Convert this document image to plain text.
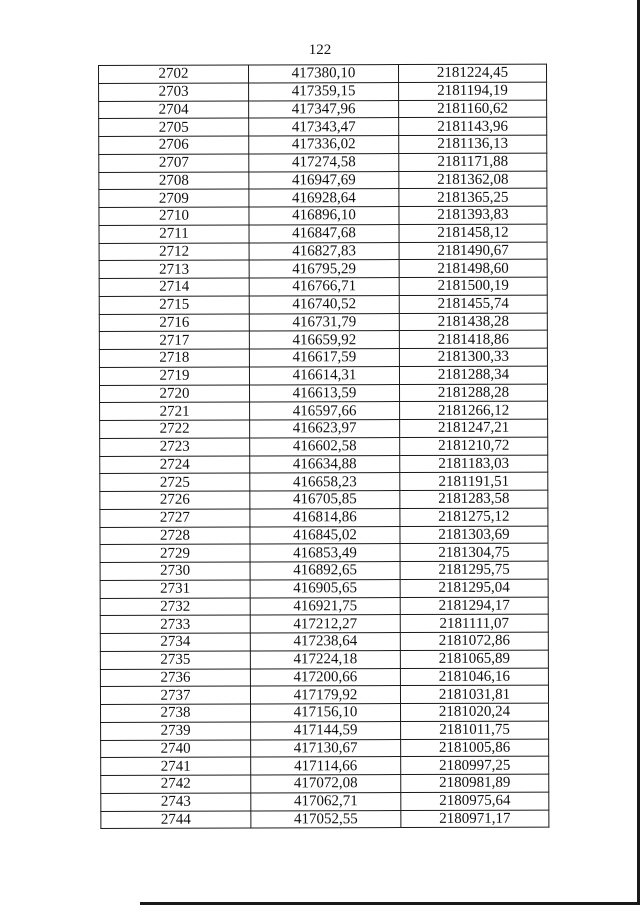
122
2702	417380,10	2181224,45
2703	417359,15	2181194,19
2704	417347,96	2181160,62
2705	417343,47	2181143,96
2706	417336,02	2181136,13
2707	417274,58	2181171,88
2708	416947,69	2181362,08
2709	416928,64	2181365,25
2710	416896,10	2181393,83
2711	416847,68	2181458,12
2712	416827,83	2181490,67
2713	416795,29	2181498,60
2714	416766,71	2181500,19
2715	416740,52	2181455,74
2716	416731,79	2181438,28
2717	416659,92	2181418,86
2718	416617,59	2181300,33
2719	416614,31	2181288,34
2720	416613,59	2181288,28
2721	416597,66	2181266,12
2722	416623,97	2181247,21
2723	416602,58	2181210,72
2724	416634,88	2181183,03
2725	416658,23	2181191,51
2726	416705,85	2181283,58
2727	416814,86	2181275,12
2728	416845,02	2181303,69
2729	416853,49	2181304,75
2730	416892,65	2181295,75
2731	416905,65	2181295,04
2732	416921,75	2181294,17
2733	417212,27	2181111,07
2734	417238,64	2181072,86
2735	417224,18	2181065,89
2736	417200,66	2181046,16
2737	417179,92	2181031,81
2738	417156,10	2181020,24
2739	417144,59	2181011,75
2740	417130,67	2181005,86
2741	417114,66	2180997,25
2742	417072,08	2180981,89
2743	417062,71	2180975,64
2744	417052,55	2180971,17
